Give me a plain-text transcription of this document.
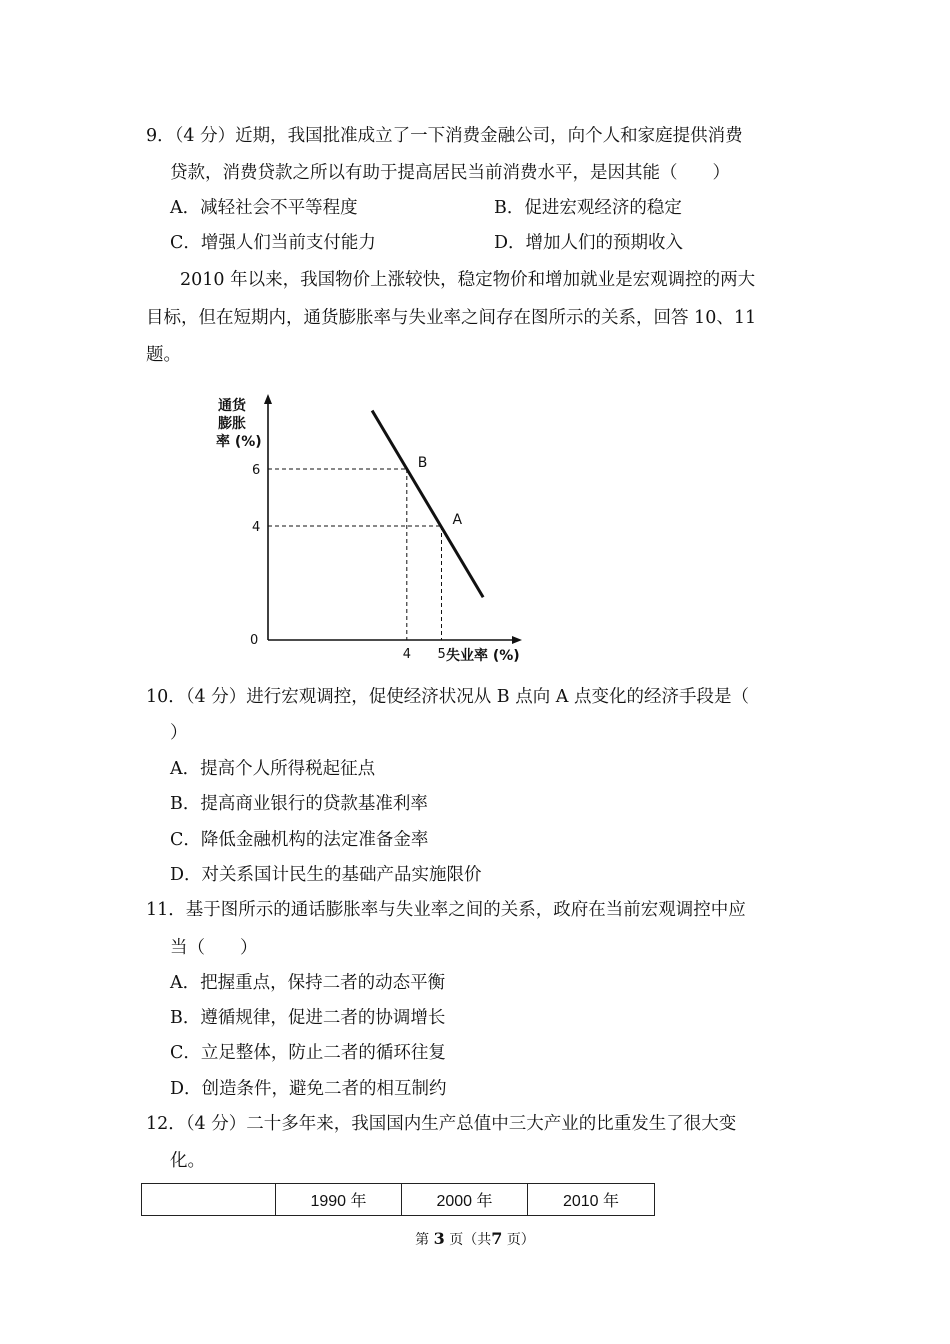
9．（4 分）近期，我国批准成立了一下消费金融公司，向个人和家庭提供消费
贷款，消费贷款之所以有助于提高居民当前消费水平，是因其能（　　）
A．减轻社会不平等程度	B．促进宏观经济的稳定
C．增强人们当前支付能力	D．增加人们的预期收入
2010 年以来，我国物价上涨较快，稳定物价和增加就业是宏观调控的两大
目标，但在短期内，通货膨胀率与失业率之间存在图所示的关系，回答 10、11
题。
通货
膨胀
率 (%)
失业率 (%)
0
B
A
6
4
4 5
10．（4 分）进行宏观调控，促使经济状况从 B 点向 A 点变化的经济手段是（
）
A．提高个人所得税起征点
B．提高商业银行的贷款基准利率
C．降低金融机构的法定准备金率
D．对关系国计民生的基础产品实施限价
11．基于图所示的通话膨胀率与失业率之间的关系，政府在当前宏观调控中应
当（　　）
A．把握重点，保持二者的动态平衡
B．遵循规律，促进二者的协调增长
C．立足整体，防止二者的循环往复
D．创造条件，避免二者的相互制约
12．（4 分）二十多年来，我国国内生产总值中三大产业的比重发生了很大变
化。
	1990 年	2000 年	2010 年
第 3 页（共7 页）
